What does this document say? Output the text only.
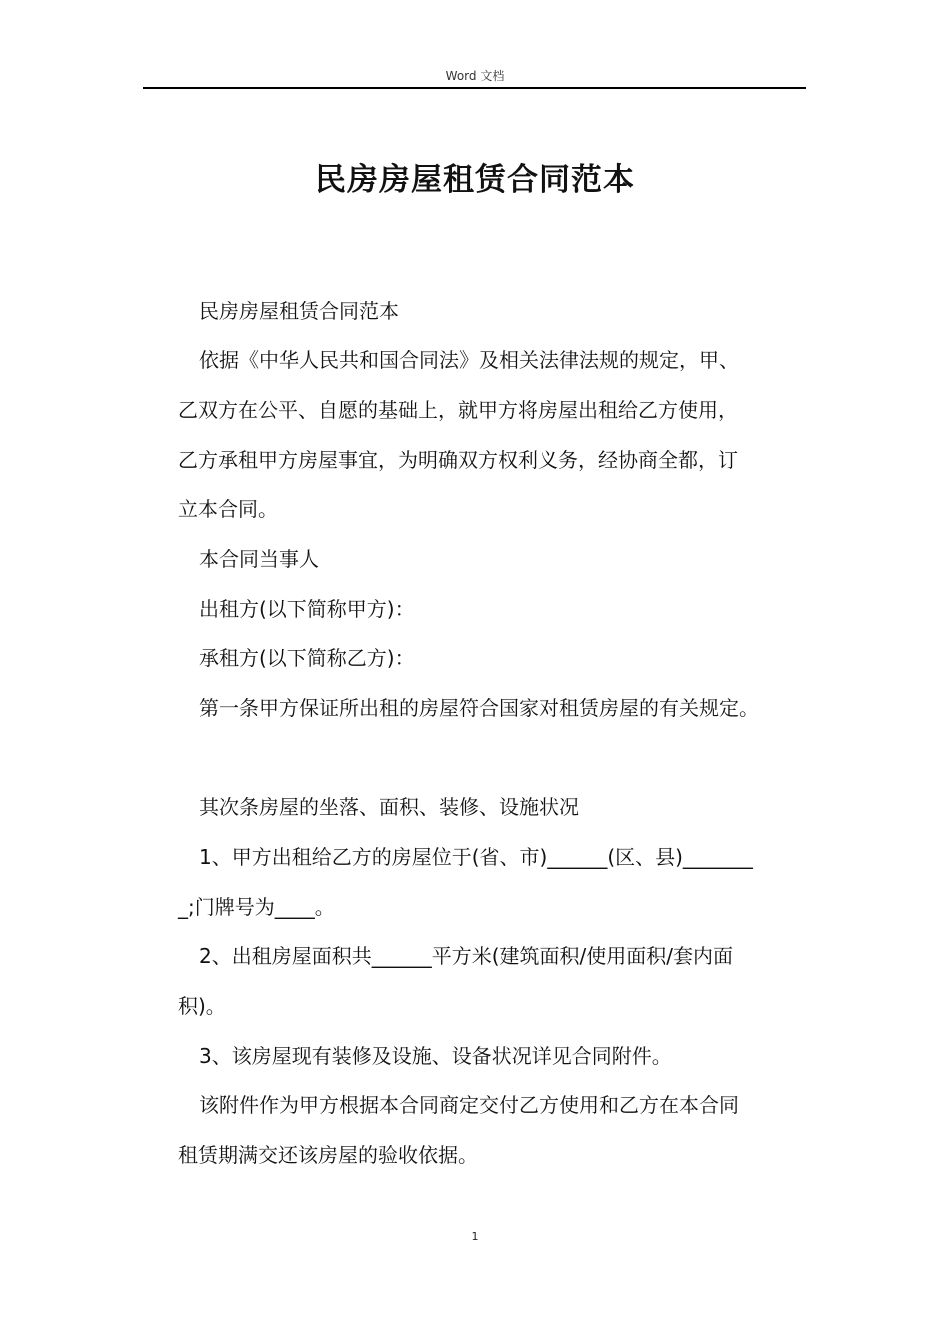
Word 文档
民房房屋租赁合同范本
民房房屋租赁合同范本
依据《中华人民共和国合同法》及相关法律法规的规定，甲、
乙双方在公平、自愿的基础上，就甲方将房屋出租给乙方使用，
乙方承租甲方房屋事宜，为明确双方权利义务，经协商全都，订
立本合同。
本合同当事人
出租方(以下简称甲方)：
承租方(以下简称乙方)：
第一条甲方保证所出租的房屋符合国家对租赁房屋的有关规定。
其次条房屋的坐落、面积、装修、设施状况
1、甲方出租给乙方的房屋位于(省、市)______(区、县)_______
_;门牌号为____。
2、出租房屋面积共______平方米(建筑面积/使用面积/套内面
积)。
3、该房屋现有装修及设施、设备状况详见合同附件。
该附件作为甲方根据本合同商定交付乙方使用和乙方在本合同
租赁期满交还该房屋的验收依据。
1
